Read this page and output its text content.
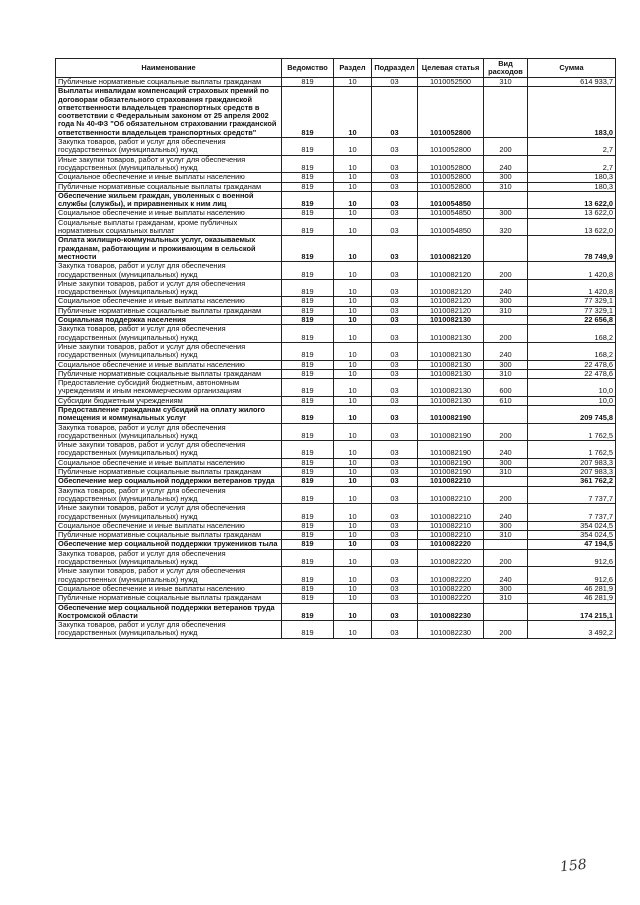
Наименование	Ведомство	Раздел	Подраздел	Целевая статья	Вид расходов	Сумма
Публичные нормативные социальные выплаты гражданам	819	10	03	1010052500	310	614 933,7
Выплаты инвалидам компенсаций страховых премий по договорам обязательного страхования гражданской ответственности владельцев транспортных средств в соответствии с Федеральным законом от 25 апреля 2002 года № 40-ФЗ "Об обязательном страховании гражданской ответственности владельцев транспортных средств"	819	10	03	1010052800		183,0
Закупка товаров, работ и услуг для обеспечения государственных (муниципальных) нужд	819	10	03	1010052800	200	2,7
Иные закупки товаров, работ и услуг для обеспечения государственных (муниципальных) нужд	819	10	03	1010052800	240	2,7
Социальное обеспечение и иные выплаты населению	819	10	03	1010052800	300	180,3
Публичные нормативные социальные выплаты гражданам	819	10	03	1010052800	310	180,3
Обеспечение жильем граждан, уволенных с военной службы (службы), и приравненных к ним лиц	819	10	03	1010054850		13 622,0
Социальное обеспечение и иные выплаты населению	819	10	03	1010054850	300	13 622,0
Социальные выплаты гражданам, кроме публичных нормативных социальных выплат	819	10	03	1010054850	320	13 622,0
Оплата жилищно-коммунальных услуг, оказываемых гражданам, работающим и проживающим в сельской местности	819	10	03	1010082120		78 749,9
Закупка товаров, работ и услуг для обеспечения государственных (муниципальных) нужд	819	10	03	1010082120	200	1 420,8
Иные закупки товаров, работ и услуг для обеспечения государственных (муниципальных) нужд	819	10	03	1010082120	240	1 420,8
Социальное обеспечение и иные выплаты населению	819	10	03	1010082120	300	77 329,1
Публичные нормативные социальные выплаты гражданам	819	10	03	1010082120	310	77 329,1
Социальная поддержка населения	819	10	03	1010082130		22 656,8
Закупка товаров, работ и услуг для обеспечения государственных (муниципальных) нужд	819	10	03	1010082130	200	168,2
Иные закупки товаров, работ и услуг для обеспечения государственных (муниципальных) нужд	819	10	03	1010082130	240	168,2
Социальное обеспечение и иные выплаты населению	819	10	03	1010082130	300	22 478,6
Публичные нормативные социальные выплаты гражданам	819	10	03	1010082130	310	22 478,6
Предоставление субсидий бюджетным, автономным учреждениям и иным некоммерческим организациям	819	10	03	1010082130	600	10,0
Субсидии бюджетным учреждениям	819	10	03	1010082130	610	10,0
Предоставление гражданам субсидий на оплату жилого помещения и коммунальных услуг	819	10	03	1010082190		209 745,8
Закупка товаров, работ и услуг для обеспечения государственных (муниципальных) нужд	819	10	03	1010082190	200	1 762,5
Иные закупки товаров, работ и услуг для обеспечения государственных (муниципальных) нужд	819	10	03	1010082190	240	1 762,5
Социальное обеспечение и иные выплаты населению	819	10	03	1010082190	300	207 983,3
Публичные нормативные социальные выплаты гражданам	819	10	03	1010082190	310	207 983,3
Обеспечение мер социальной поддержки ветеранов труда	819	10	03	1010082210		361 762,2
Закупка товаров, работ и услуг для обеспечения государственных (муниципальных) нужд	819	10	03	1010082210	200	7 737,7
Иные закупки товаров, работ и услуг для обеспечения государственных (муниципальных) нужд	819	10	03	1010082210	240	7 737,7
Социальное обеспечение и иные выплаты населению	819	10	03	1010082210	300	354 024,5
Публичные нормативные социальные выплаты гражданам	819	10	03	1010082210	310	354 024,5
Обеспечение мер социальной поддержки тружеников тыла	819	10	03	1010082220		47 194,5
Закупка товаров, работ и услуг для обеспечения государственных (муниципальных) нужд	819	10	03	1010082220	200	912,6
Иные закупки товаров, работ и услуг для обеспечения государственных (муниципальных) нужд	819	10	03	1010082220	240	912,6
Социальное обеспечение и иные выплаты населению	819	10	03	1010082220	300	46 281,9
Публичные нормативные социальные выплаты гражданам	819	10	03	1010082220	310	46 281,9
Обеспечение мер социальной поддержки ветеранов труда Костромской области	819	10	03	1010082230		174 215,1
Закупка товаров, работ и услуг для обеспечения государственных (муниципальных) нужд	819	10	03	1010082230	200	3 492,2
158
